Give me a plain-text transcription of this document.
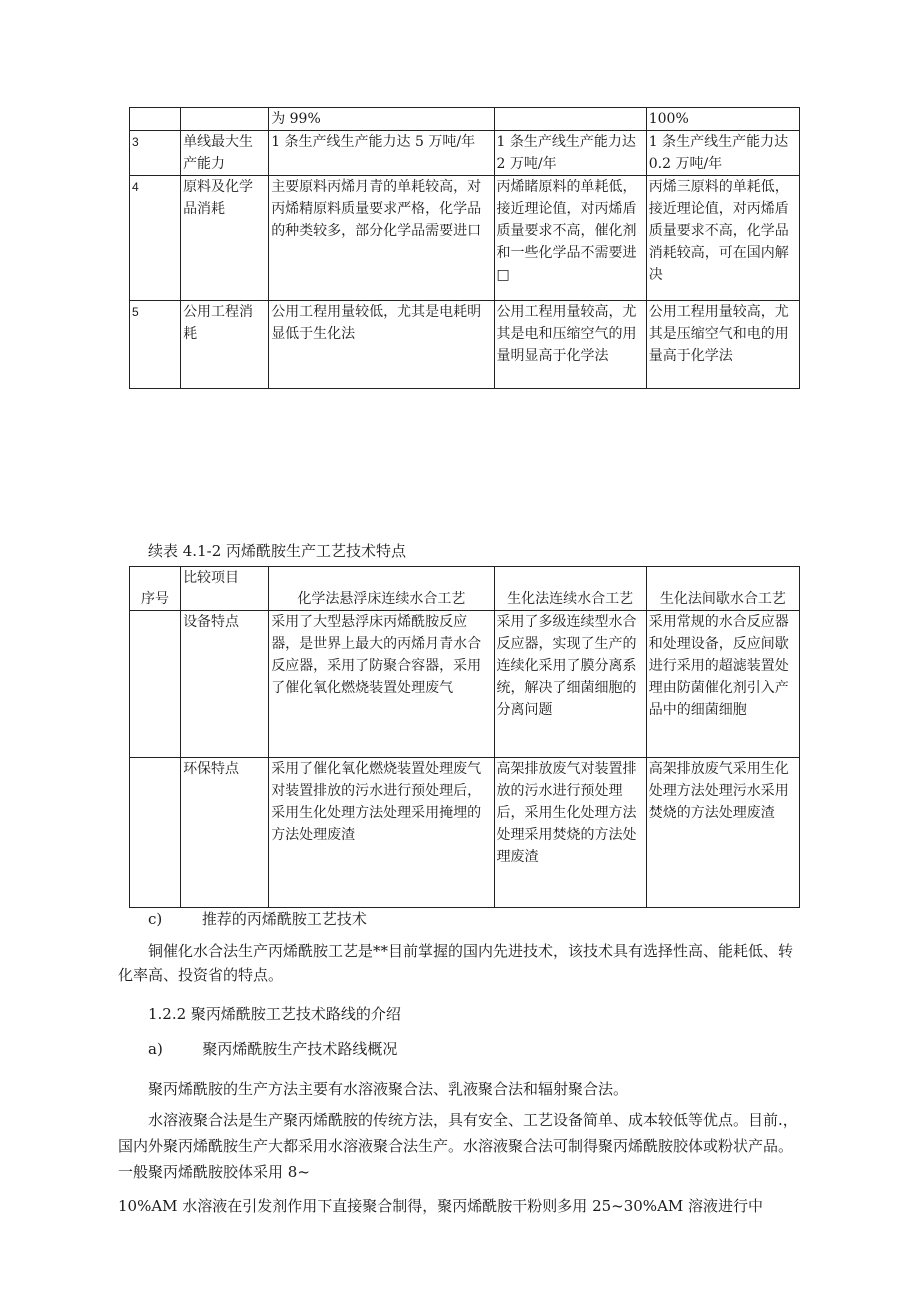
		为 99%		100%
3	单线最大生产能力	1 条生产线生产能力达 5 万吨/年	1 条生产线生产能力达 2 万吨/年	1 条生产线生产能力达 0.2 万吨/年
4	原料及化学品消耗	主要原料丙烯月青的单耗较高，对丙烯精原料质量要求严格，化学品的种类较多，部分化学品需要进口	丙烯睹原料的单耗低，接近理论值，对丙烯盾质量要求不高，催化剂和一些化学品不需要进□	丙烯三原料的单耗低，接近理论值，对丙烯盾质量要求不高，化学品消耗较高，可在国内解决
5	公用工程消耗	公用工程用量较低，尤其是电耗明显低于生化法	公用工程用量较高，尤其是电和压缩空气的用量明显高于化学法	公用工程用量较高，尤其是压缩空气和电的用量高于化学法
续表 4.1-2 丙烯酰胺生产工艺技术特点
序号	比较项目	化学法悬浮床连续水合工艺	生化法连续水合工艺	生化法间歇水合工艺
	设备特点	采用了大型悬浮床丙烯酰胺反应器，是世界上最大的丙烯月青水合反应器，采用了防聚合容器，采用了催化氧化燃烧装置处理废气	采用了多级连续型水合反应器，实现了生产的连续化采用了膜分离系统，解决了细菌细胞的分离问题	采用常规的水合反应器和处理设备，反应间歇进行采用的超滤装置处理由防菌催化剂引入产品中的细菌细胞
	环保特点	采用了催化氧化燃烧装置处理废气对装置排放的污水进行预处理后，采用生化处理方法处理采用掩埋的方法处理废渣	高架排放废气对装置排放的污水进行预处理后，采用生化处理方法处理采用焚烧的方法处理废渣	高架排放废气采用生化处理方法处理污水采用焚烧的方法处理废渣
c)	推荐的丙烯酰胺工艺技术
铜催化水合法生产丙烯酰胺工艺是**目前掌握的国内先进技术，该技术具有选择性高、能耗低、转化率高、投资省的特点。
1.2.2 聚丙烯酰胺工艺技术路线的介绍
a)	聚丙烯酰胺生产技术路线概况
聚丙烯酰胺的生产方法主要有水溶液聚合法、乳液聚合法和辐射聚合法。
水溶液聚合法是生产聚丙烯酰胺的传统方法，具有安全、工艺设备简单、成本较低等优点。目前.，国内外聚丙烯酰胺生产大都采用水溶液聚合法生产。水溶液聚合法可制得聚丙烯酰胺胶体或粉状产品。一般聚丙烯酰胺胶体采用 8~
10%AM 水溶液在引发剂作用下直接聚合制得，聚丙烯酰胺干粉则多用 25~30%AM 溶液进行中
